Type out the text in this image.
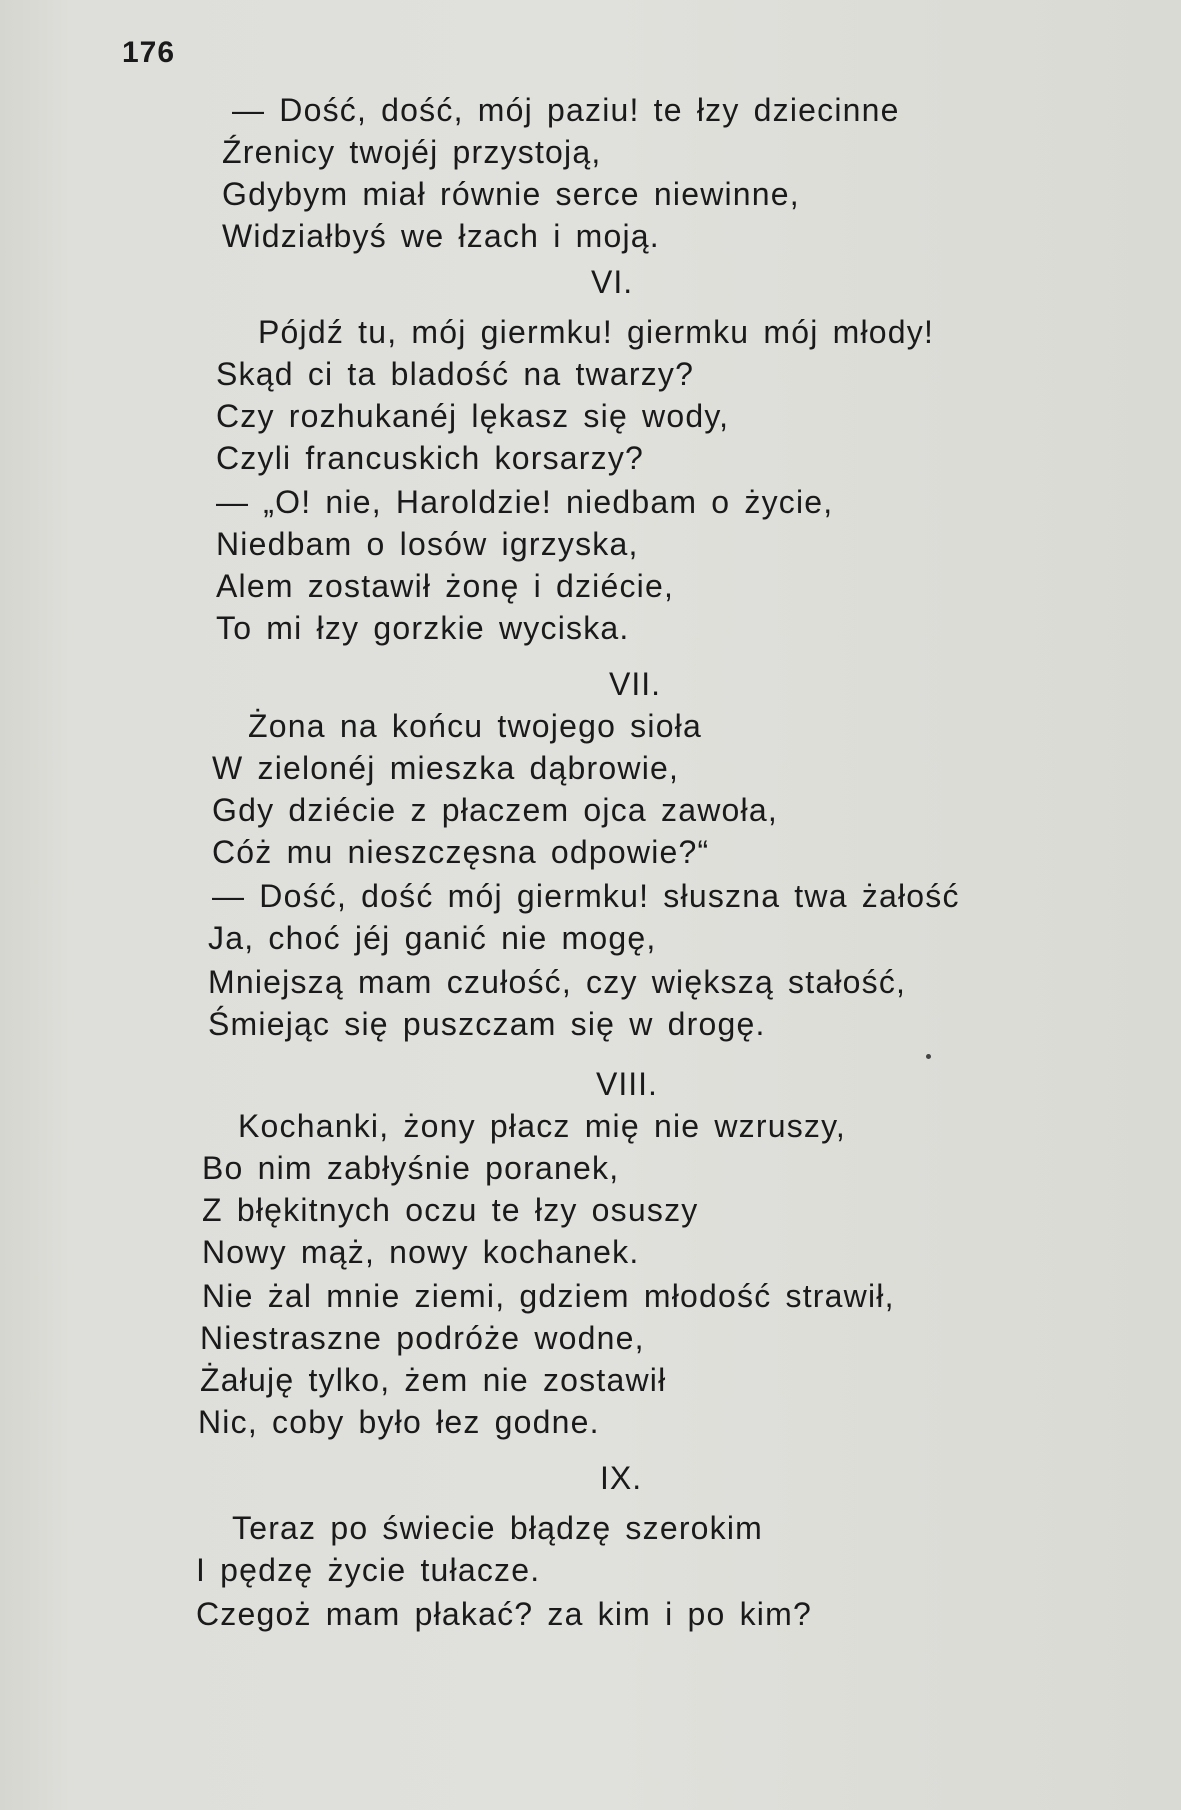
176
— Dość, dość, mój paziu! te łzy dziecinne
Źrenicy twojéj przystoją,
Gdybym miał równie serce niewinne,
Widziałbyś we łzach i moją.
VI.
Pójdź tu, mój giermku! giermku mój młody!
Skąd ci ta bladość na twarzy?
Czy rozhukanéj lękasz się wody,
Czyli francuskich korsarzy?
— „O! nie, Haroldzie! niedbam o życie,
Niedbam o losów igrzyska,
Alem zostawił żonę i dziécie,
To mi łzy gorzkie wyciska.
VII.
Żona na końcu twojego sioła
W zielonéj mieszka dąbrowie,
Gdy dziécie z płaczem ojca zawoła,
Cóż mu nieszczęsna odpowie?“
— Dość, dość mój giermku! słuszna twa żałość
Ja, choć jéj ganić nie mogę,
Mniejszą mam czułość, czy większą stałość,
Śmiejąc się puszczam się w drogę.
VIII.
Kochanki, żony płacz mię nie wzruszy,
Bo nim zabłyśnie poranek,
Z błękitnych oczu te łzy osuszy
Nowy mąż, nowy kochanek.
Nie żal mnie ziemi, gdziem młodość strawił,
Niestraszne podróże wodne,
Żałuję tylko, żem nie zostawił
Nic, coby było łez godne.
IX.
Teraz po świecie błądzę szerokim
I pędzę życie tułacze.
Czegoż mam płakać? za kim i po kim?
